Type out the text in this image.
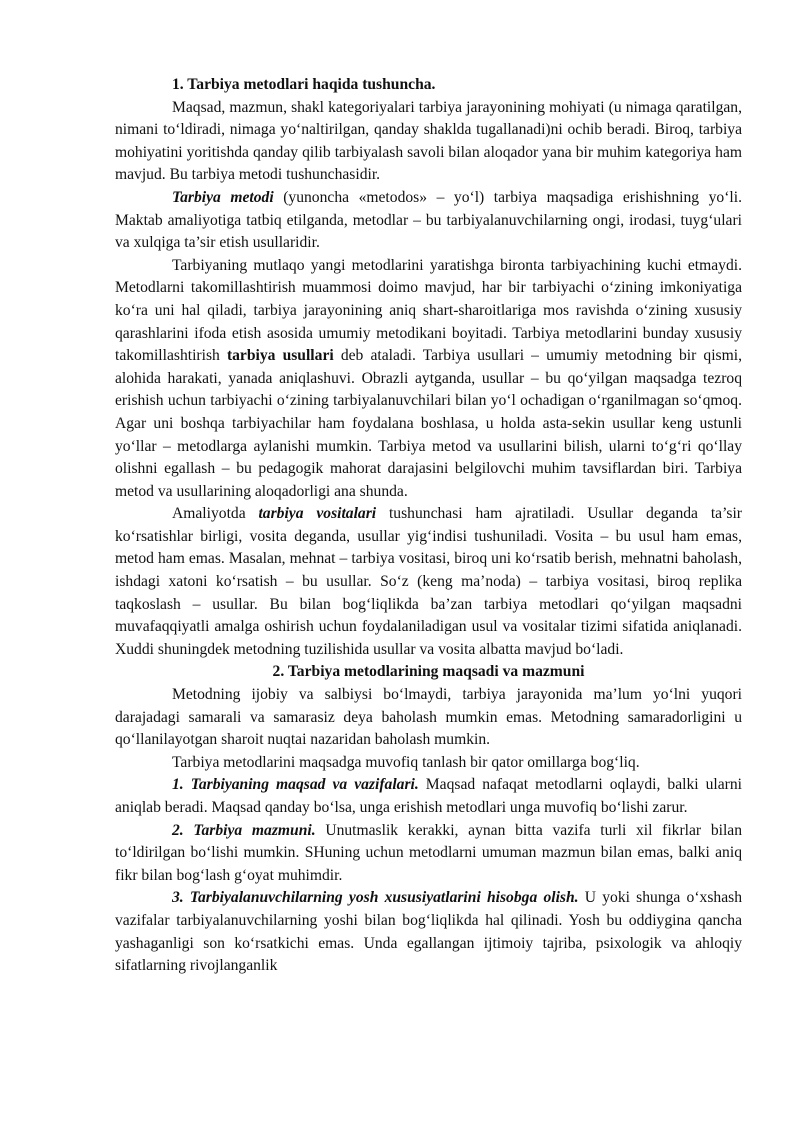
1. Tarbiya metodlari haqida tushuncha.

Maqsad, mazmun, shakl kategoriyalari tarbiya jarayonining mohiyati (u nimaga qaratilgan, nimani to‘ldiradi, nimaga yo‘naltirilgan, qanday shaklda tugallanadi)ni ochib beradi. Biroq, tarbiya mohiyatini yoritishda qanday qilib tarbiyalash savoli bilan aloqador yana bir muhim kategoriya ham mavjud. Bu tarbiya metodi tushunchasidir.

Tarbiya metodi (yunoncha «metodos» – yo‘l) tarbiya maqsadiga erishishning yo‘li. Maktab amaliyotiga tatbiq etilganda, metodlar – bu tarbiyalanuvchilarning ongi, irodasi, tuyg‘ulari va xulqiga ta’sir etish usullaridir.

Tarbiyaning mutlaqo yangi metodlarini yaratishga bironta tarbiyachining kuchi etmaydi. Metodlarni takomillashtirish muammosi doimo mavjud, har bir tarbiyachi o‘zining imkoniyatiga ko‘ra uni hal qiladi, tarbiya jarayonining aniq shart-sharoitlariga mos ravishda o‘zining xususiy qarashlarini ifoda etish asosida umumiy metodikani boyitadi. Tarbiya metodlarini bunday xususiy takomillashtirish tarbiya usullari deb ataladi. Tarbiya usullari – umumiy metodning bir qismi, alohida harakati, yanada aniqlashuvi. Obrazli aytganda, usullar – bu qo‘yilgan maqsadga tezroq erishish uchun tarbiyachi o‘zining tarbiyalanuvchilari bilan yo‘l ochadigan o‘rganilmagan so‘qmoq. Agar uni boshqa tarbiyachilar ham foydalana boshlasa, u holda asta-sekin usullar keng ustunli yo‘llar – metodlarga aylanishi mumkin. Tarbiya metod va usullarini bilish, ularni to‘g‘ri qo‘llay olishni egallash – bu pedagogik mahorat darajasini belgilovchi muhim tavsiflardan biri. Tarbiya metod va usullarining aloqadorligi ana shunda.

Amaliyotda tarbiya vositalari tushunchasi ham ajratiladi. Usullar deganda ta’sir ko‘rsatishlar birligi, vosita deganda, usullar yig‘indisi tushuniladi. Vosita – bu usul ham emas, metod ham emas. Masalan, mehnat – tarbiya vositasi, biroq uni ko‘rsatib berish, mehnatni baholash, ishdagi xatoni ko‘rsatish – bu usullar. So‘z (keng ma’noda) – tarbiya vositasi, biroq replika taqkoslash – usullar. Bu bilan bog‘liqlikda ba’zan tarbiya metodlari qo‘yilgan maqsadni muvafaqqiyatli amalga oshirish uchun foydalaniladigan usul va vositalar tizimi sifatida aniqlanadi. Xuddi shuningdek metodning tuzilishida usullar va vosita albatta mavjud bo‘ladi.

2. Tarbiya metodlarining maqsadi va mazmuni

Metodning ijobiy va salbiysi bo‘lmaydi, tarbiya jarayonida ma’lum yo‘lni yuqori darajadagi samarali va samarasiz deya baholash mumkin emas. Metodning samaradorligini u qo‘llanilayotgan sharoit nuqtai nazaridan baholash mumkin.

Tarbiya metodlarini maqsadga muvofiq tanlash bir qator omillarga bog‘liq.

1. Tarbiyaning maqsad va vazifalari. Maqsad nafaqat metodlarni oqlaydi, balki ularni aniqlab beradi. Maqsad qanday bo‘lsa, unga erishish metodlari unga muvofiq bo‘lishi zarur.

2. Tarbiya mazmuni. Unutmaslik kerakki, aynan bitta vazifa turli xil fikrlar bilan to‘ldirilgan bo‘lishi mumkin. SHuning uchun metodlarni umuman mazmun bilan emas, balki aniq fikr bilan bog‘lash g‘oyat muhimdir.

3. Tarbiyalanuvchilarning yosh xususiyatlarini hisobga olish. U yoki shunga o‘xshash vazifalar tarbiyalanuvchilarning yoshi bilan bog‘liqlikda hal qilinadi. Yosh bu oddiygina qancha yashaganligi son ko‘rsatkichi emas. Unda egallangan ijtimoiy tajriba, psixologik va ahloqiy sifatlarning rivojlanganlik
